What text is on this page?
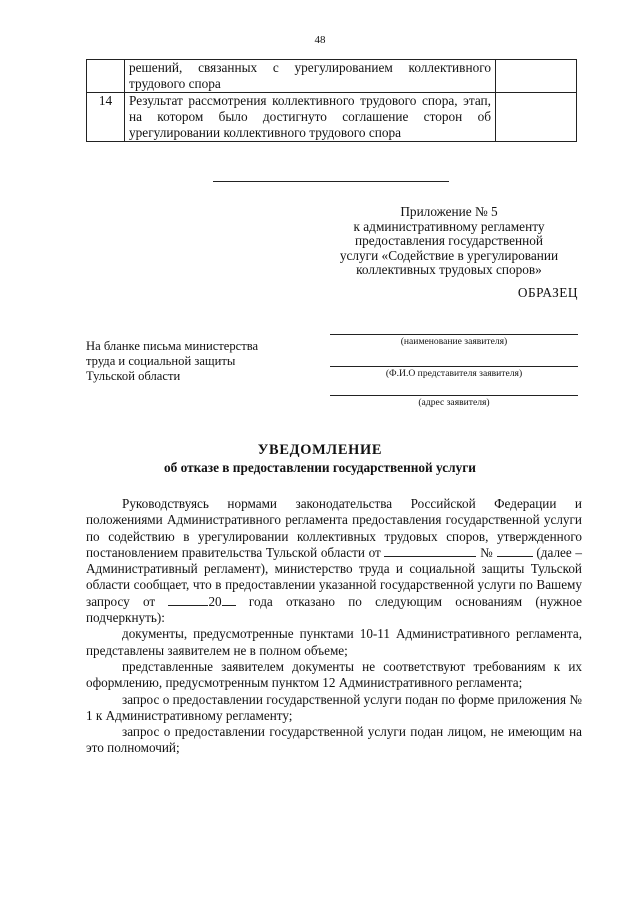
48
	решений, связанных с урегулированием коллективного трудового спора	
14	Результат рассмотрения коллективного трудового спора, этап, на котором было достигнуто соглашение сторон об урегулировании коллективного трудового спора	
Приложение № 5
к административному регламенту
предоставления государственной
услуги «Содействие в урегулировании
коллективных трудовых споров»
ОБРАЗЕЦ
На бланке письма министерства
труда и социальной защиты
Тульской области
(наименование заявителя)
(Ф.И.О представителя заявителя)
(адрес заявителя)
УВЕДОМЛЕНИЕ
об отказе в предоставлении государственной услуги

Руководствуясь нормами законодательства Российской Федерации и положениями Административного регламента предоставления государственной услуги по содействию в урегулировании коллективных трудовых споров, утвержденного постановлением правительства Тульской области от	№	(далее – Административный регламент), министерство труда и социальной защиты Тульской области сообщает, что в предоставлении указанной государственной услуги по Вашему запросу от	20 года отказано по следующим основаниям (нужное подчеркнуть):

документы, предусмотренные пунктами 10-11 Административного регламента, представлены заявителем не в полном объеме;

представленные заявителем документы не соответствуют требованиям к их оформлению, предусмотренным пунктом 12 Административного регламента;

запрос о предоставлении государственной услуги подан по форме приложения № 1 к Административному регламенту;

запрос о предоставлении государственной услуги подан лицом, не имеющим на это полномочий;
